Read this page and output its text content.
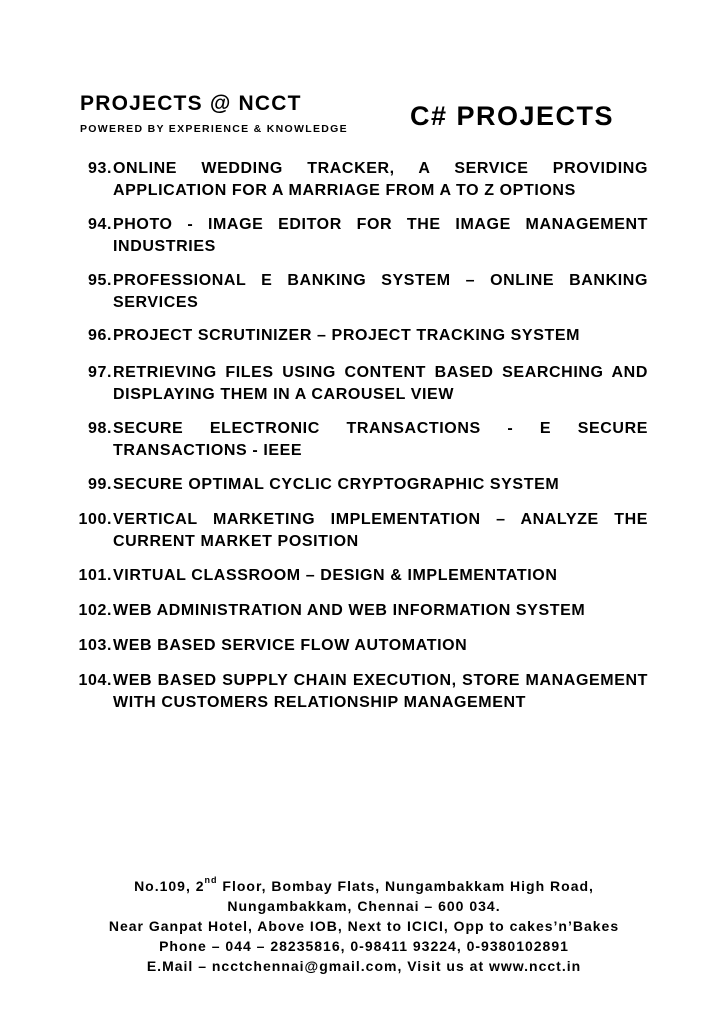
PROJECTS @ NCCT
POWERED BY EXPERIENCE & KNOWLEDGE C# PROJECTS
93. ONLINE WEDDING TRACKER, A SERVICE PROVIDING APPLICATION FOR A MARRIAGE FROM A TO Z OPTIONS
94. PHOTO - IMAGE EDITOR FOR THE IMAGE MANAGEMENT INDUSTRIES
95. PROFESSIONAL E BANKING SYSTEM – ONLINE BANKING SERVICES
96. PROJECT SCRUTINIZER – PROJECT TRACKING SYSTEM
97. RETRIEVING FILES USING CONTENT BASED SEARCHING AND DISPLAYING THEM IN A CAROUSEL VIEW
98. SECURE ELECTRONIC TRANSACTIONS - E SECURE TRANSACTIONS - IEEE
99. SECURE OPTIMAL CYCLIC CRYPTOGRAPHIC SYSTEM
100. VERTICAL MARKETING IMPLEMENTATION – ANALYZE THE CURRENT MARKET POSITION
101. VIRTUAL CLASSROOM – DESIGN & IMPLEMENTATION
102. WEB ADMINISTRATION AND WEB INFORMATION SYSTEM
103. WEB BASED SERVICE FLOW AUTOMATION
104. WEB BASED SUPPLY CHAIN EXECUTION, STORE MANAGEMENT WITH CUSTOMERS RELATIONSHIP MANAGEMENT
No.109, 2nd Floor, Bombay Flats, Nungambakkam High Road,
Nungambakkam, Chennai – 600 034.
Near Ganpat Hotel, Above IOB, Next to ICICI, Opp to cakes’n’Bakes
Phone – 044 – 28235816, 0-98411 93224, 0-9380102891
E.Mail – ncctchennai@gmail.com, Visit us at www.ncct.in
